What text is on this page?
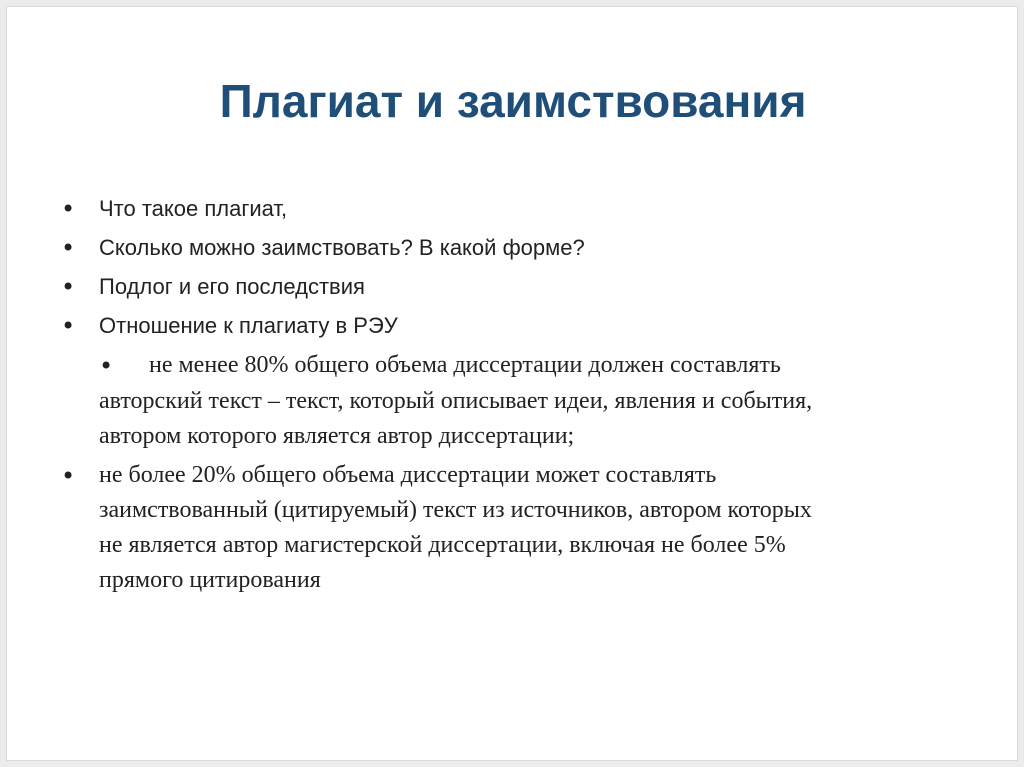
Плагиат и заимствования
• Что такое плагиат,
• Сколько можно заимствовать? В какой форме?
• Подлог и его последствия
• Отношение к плагиату в РЭУ
• не менее 80% общего объема диссертации должен составлять
авторский текст – текст, который описывает идеи, явления и события,
автором которого является автор диссертации;
• не более 20% общего объема диссертации может составлять
заимствованный (цитируемый) текст из источников, автором которых
не является автор магистерской диссертации, включая не более 5%
прямого цитирования
